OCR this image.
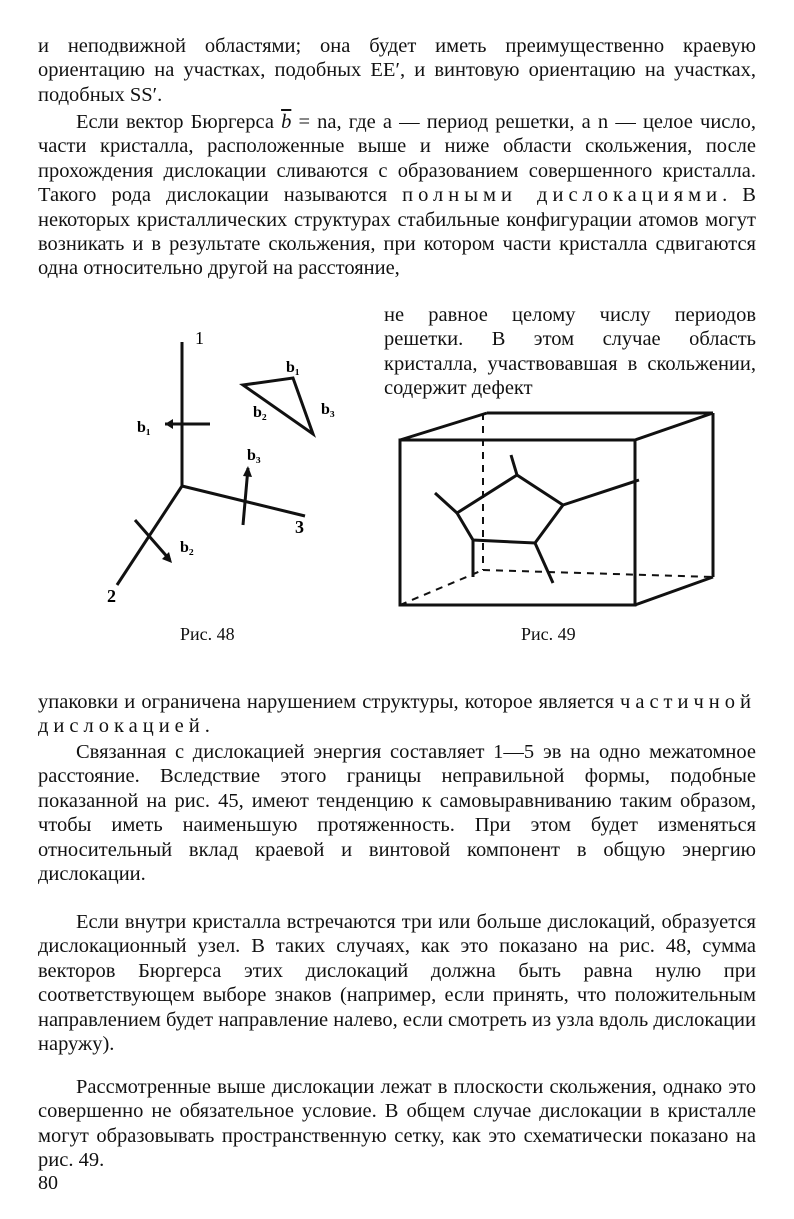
и неподвижной областями; она будет иметь преимущественно краевую ориентацию на участках, подобных EE′, и винтовую ориентацию на участках, подобных SS′.

Если вектор Бюргерса $\overline{b}$ = na, где a — период решетки, а n — целое число, части кристалла, расположенные выше и ниже области скольжения, после прохождения дислокации сливаются с образованием совершенного кристалла. Такого рода дислокации называются полными дислокациями. В некоторых кристаллических структурах стабильные конфигурации атомов могут возникать и в результате скольжения, при котором части кристалла сдвигаются одна относительно другой на расстояние,

не равное целому числу периодов решетки. В этом случае область кристалла, участвовавшая в скольжении, содержит дефект

1
2
3
b₁
b₂
b₃
b₁
b₂	b₃
Рис. 48	Рис. 49

упаковки и ограничена нарушением структуры, которое является частичной дислокацией.

Связанная с дислокацией энергия составляет 1—5 эв на одно межатомное расстояние. Вследствие этого границы неправильной формы, подобные показанной на рис. 45, имеют тенденцию к самовыравниванию таким образом, чтобы иметь наименьшую протяженность. При этом будет изменяться относительный вклад краевой и винтовой компонент в общую энергию дислокации.

Если внутри кристалла встречаются три или больше дислокаций, образуется дислокационный узел. В таких случаях, как это показано на рис. 48, сумма векторов Бюргерса этих дислокаций должна быть равна нулю при соответствующем выборе знаков (например, если принять, что положительным направлением будет направление налево, если смотреть из узла вдоль дислокации наружу).

Рассмотренные выше дислокации лежат в плоскости скольжения, однако это совершенно не обязательное условие. В общем случае дислокации в кристалле могут образовывать пространственную сетку, как это схематически показано на рис. 49.

80
